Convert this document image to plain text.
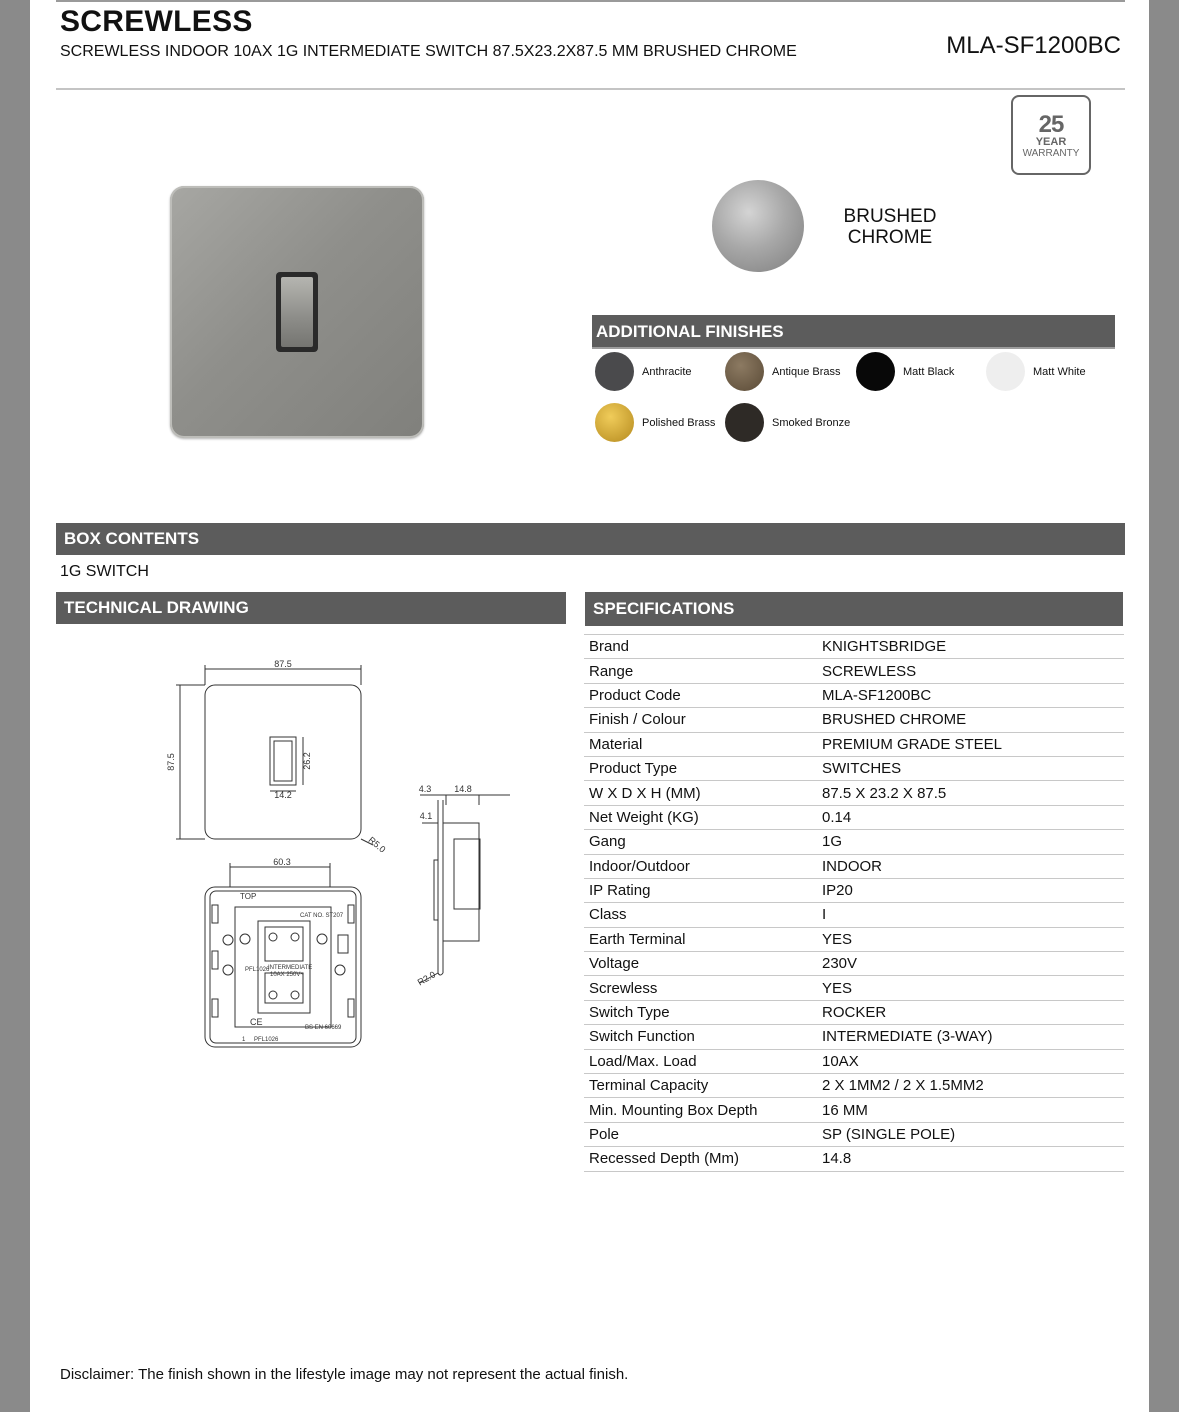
SCREWLESS
SCREWLESS INDOOR 10AX 1G INTERMEDIATE SWITCH 87.5X23.2X87.5 MM BRUSHED CHROME	MLA-SF1200BC
25
YEAR
WARRANTY
BRUSHED
CHROME
ADDITIONAL FINISHES
Anthracite	Antique Brass	Matt Black	Matt White
Polished Brass	Smoked Bronze
BOX CONTENTS
1G SWITCH
TECHNICAL DRAWING	SPECIFICATIONS
87.5
87.5
14.2
26.2
R5.0
60.3
4.3	14.8
4.1
R2.0
TOP
CAT NO. ST207
INTERMEDIATE
10AX 250V~
BS EN 60669
PFL1026
PFL1026
1
CE
Brand	KNIGHTSBRIDGE
Range	SCREWLESS
Product Code	MLA-SF1200BC
Finish / Colour	BRUSHED CHROME
Material	PREMIUM GRADE STEEL
Product Type	SWITCHES
W X D X H (MM)	87.5 X 23.2 X 87.5
Net Weight (KG)	0.14
Gang	1G
Indoor/Outdoor	INDOOR
IP Rating	IP20
Class	I
Earth Terminal	YES
Voltage	230V
Screwless	YES
Switch Type	ROCKER
Switch Function	INTERMEDIATE (3-WAY)
Load/Max. Load	10AX
Terminal Capacity	2 X 1MM2 / 2 X 1.5MM2
Min. Mounting Box Depth	16 MM
Pole	SP (SINGLE POLE)
Recessed Depth (Mm)	14.8
Disclaimer: The finish shown in the lifestyle image may not represent the actual finish.
